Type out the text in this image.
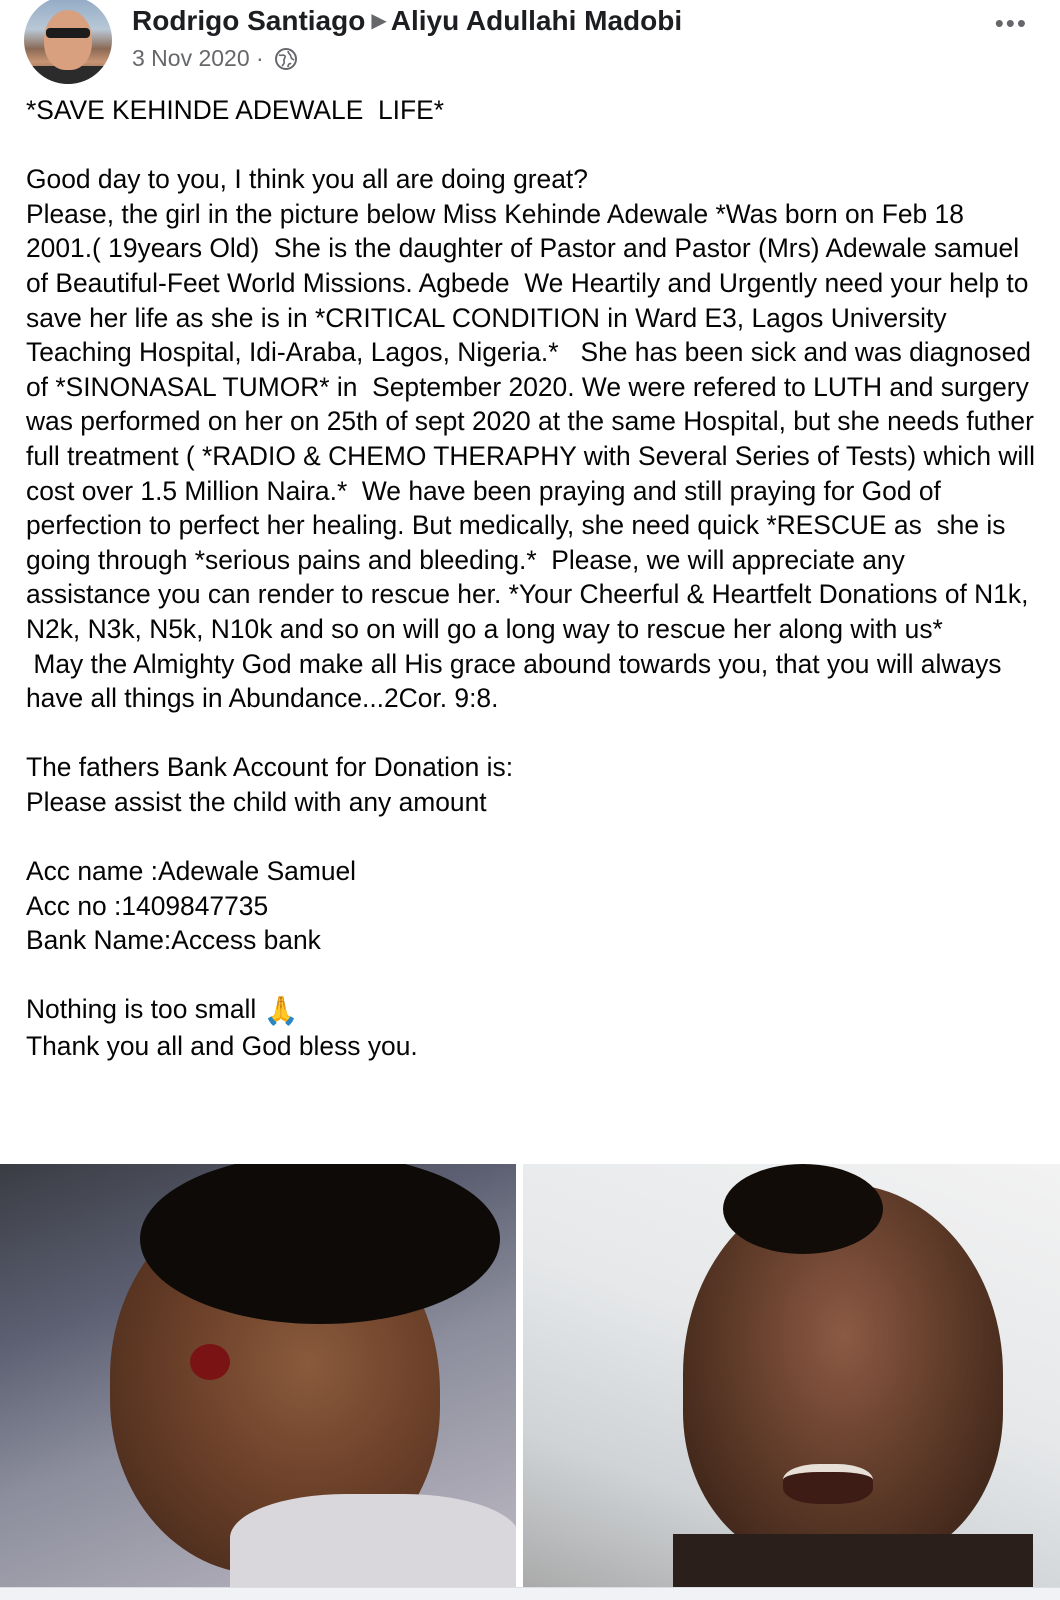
Rodrigo Santiago ▶ Aliyu Adullahi Madobi
3 Nov 2020 ·
•••

*SAVE KEHINDE ADEWALE  LIFE*

Good day to you, I think you all are doing great?
Please, the girl in the picture below Miss Kehinde Adewale *Was born on Feb 18 2001.( 19years Old)  She is the daughter of Pastor and Pastor (Mrs) Adewale samuel  of Beautiful-Feet World Missions. Agbede  We Heartily and Urgently need your help to save her life as she is in *CRITICAL CONDITION in Ward E3, Lagos University Teaching Hospital, Idi-Araba, Lagos, Nigeria.*   She has been sick and was diagnosed of *SINONASAL TUMOR* in  September 2020. We were refered to LUTH and surgery was performed on her on 25th of sept 2020 at the same Hospital, but she needs futher full treatment ( *RADIO & CHEMO THERAPHY with Several Series of Tests) which will cost over 1.5 Million Naira.*  We have been praying and still praying for God of perfection to perfect her healing. But medically, she need quick *RESCUE as  she is going through *serious pains and bleeding.*  Please, we will appreciate any assistance you can render to rescue her. *Your Cheerful & Heartfelt Donations of N1k, N2k, N3k, N5k, N10k and so on will go a long way to rescue her along with us*
May the Almighty God make all His grace abound towards you, that you will always have all things in Abundance...2Cor. 9:8.

The fathers Bank Account for Donation is:
Please assist the child with any amount

Acc name :Adewale Samuel
Acc no :1409847735
Bank Name:Access bank

Nothing is too small 🙏

Thank you all and God bless you.
